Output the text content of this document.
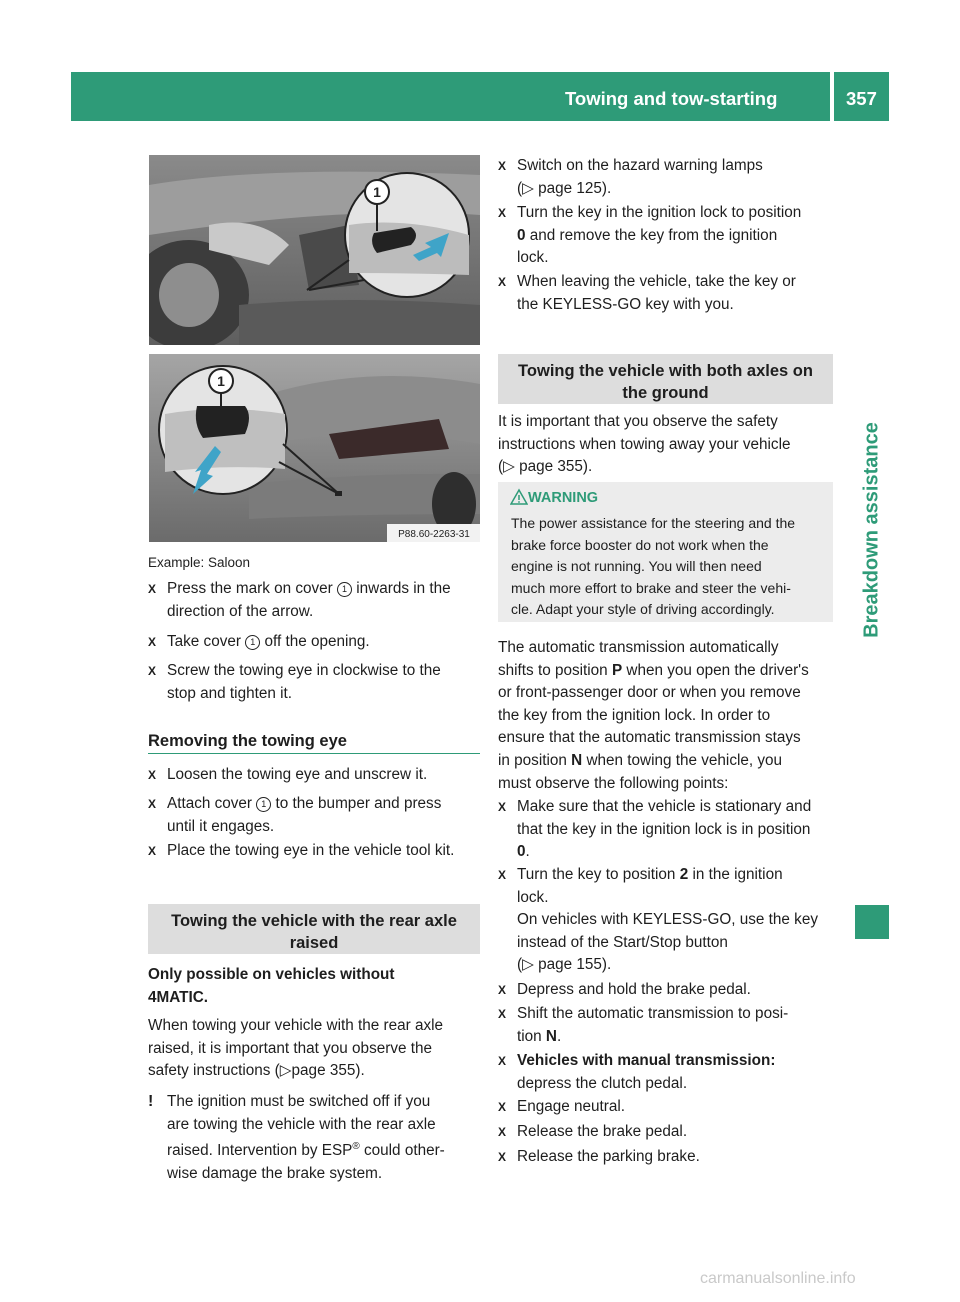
Towing and tow-starting	357
Breakdown assistance
1
1
P88.60-2263-31

Example: Saloon

X Press the mark on cover 1 inwards in the
direction of the arrow.
X Take cover 1 off the opening.
X Screw the towing eye in clockwise to the
stop and tighten it.
Removing the towing eye
X Loosen the towing eye and unscrew it.
X Attach cover 1 to the bumper and press
until it engages.
X Place the towing eye in the vehicle tool kit.
Towing the vehicle with the rear axle
raised

Only possible on vehicles without
4MATIC.

When towing your vehicle with the rear axle
raised, it is important that you observe the
safety instructions (▷page 355).

! The ignition must be switched off if you
are towing the vehicle with the rear axle
raised. Intervention by ESP® could other-
wise damage the brake system.
X Switch on the hazard warning lamps
(▷ page 125).
X Turn the key in the ignition lock to position
0 and remove the key from the ignition
lock.
X When leaving the vehicle, take the key or
the KEYLESS-GO key with you.
Towing the vehicle with both axles on
the ground

It is important that you observe the safety
instructions when towing away your vehicle
(▷ page 355).

WARNING
The power assistance for the steering and the
brake force booster do not work when the
engine is not running. You will then need
much more effort to brake and steer the vehi-
cle. Adapt your style of driving accordingly.

The automatic transmission automatically
shifts to position P when you open the driver's
or front-passenger door or when you remove
the key from the ignition lock. In order to
ensure that the automatic transmission stays
in position N when towing the vehicle, you
must observe the following points:

X Make sure that the vehicle is stationary and
that the key in the ignition lock is in position
0.
X Turn the key to position 2 in the ignition
lock.
On vehicles with KEYLESS-GO, use the key
instead of the Start/Stop button
(▷ page 155).
X Depress and hold the brake pedal.
X Shift the automatic transmission to posi-
tion N.
X Vehicles with manual transmission:
depress the clutch pedal.
X Engage neutral.
X Release the brake pedal.
X Release the parking brake.
carmanualsonline.info
